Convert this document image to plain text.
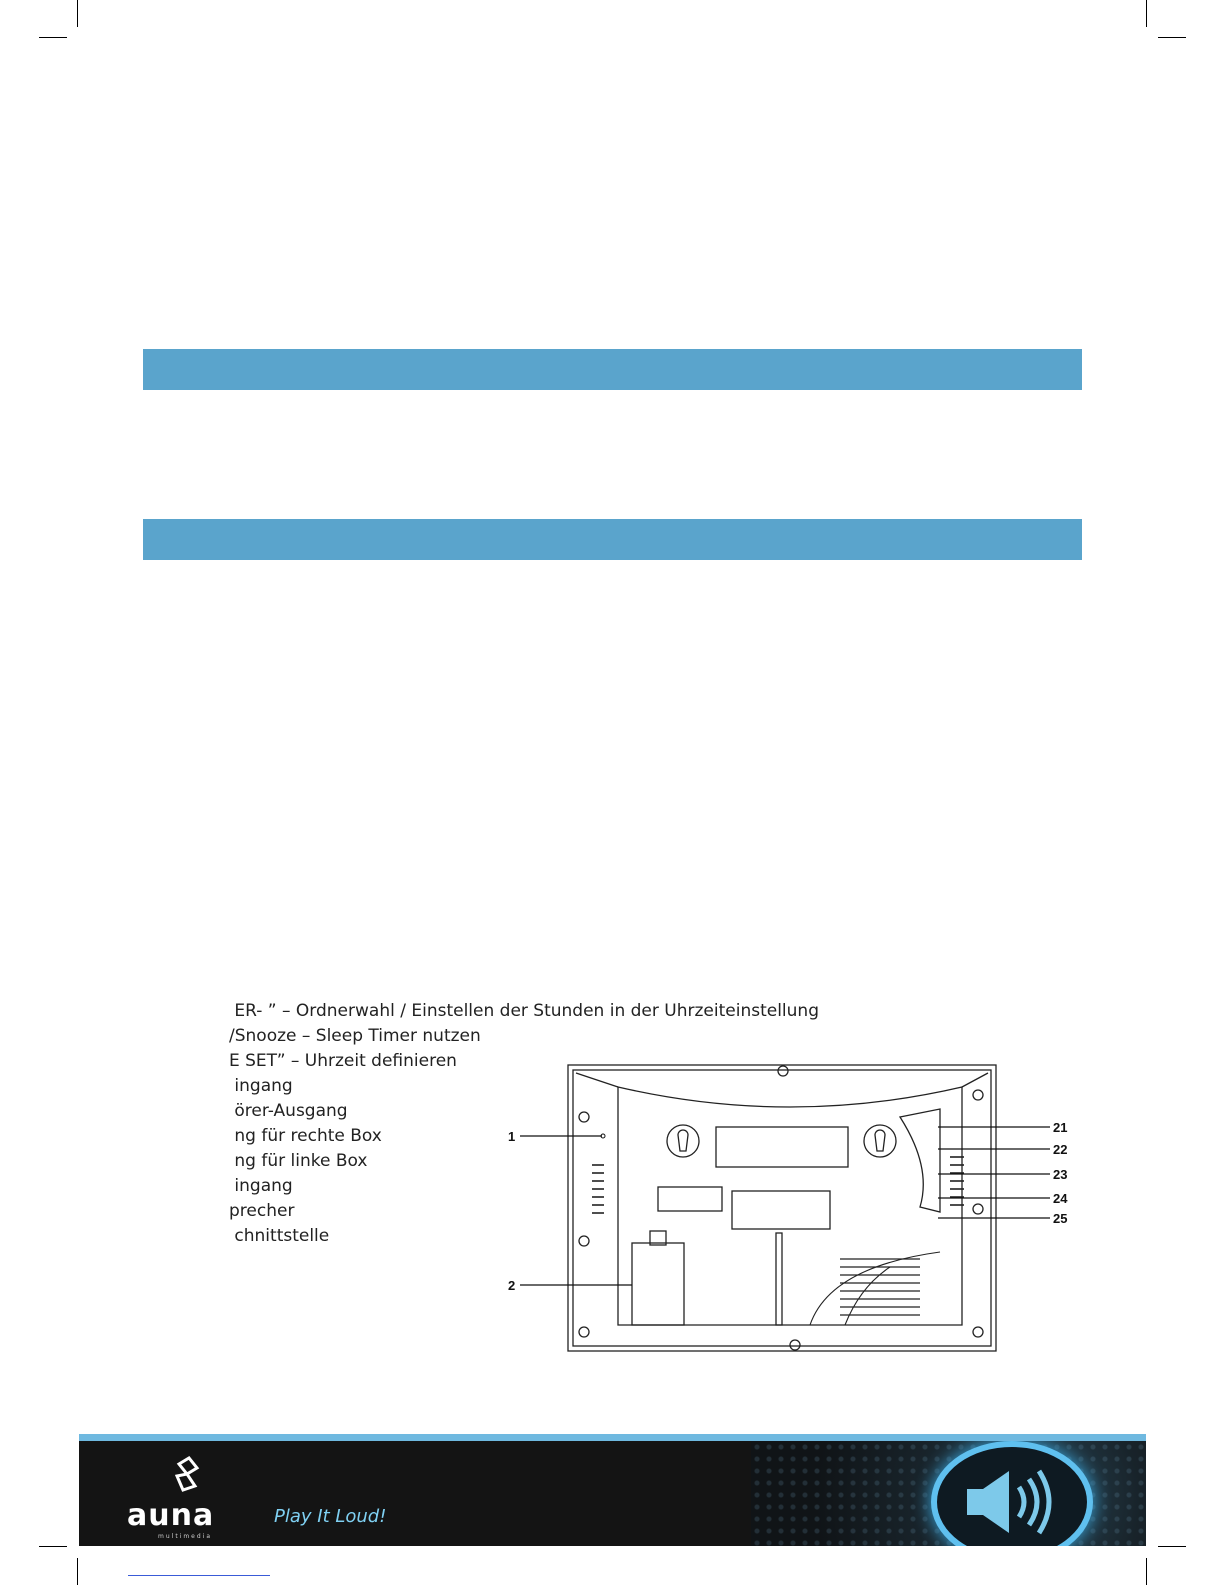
ER- ” – Ordnerwahl / Einstellen der Stunden in der Uhrzeiteinstellung
/Snooze – Sleep Timer nutzen
E SET” – Uhrzeit definieren
ingang
örer-Ausgang
ng für rechte Box
ng für linke Box
ingang
precher
chnittstelle
1
2
21
22
23
24
25
auna
multimedia
Play It Loud!
